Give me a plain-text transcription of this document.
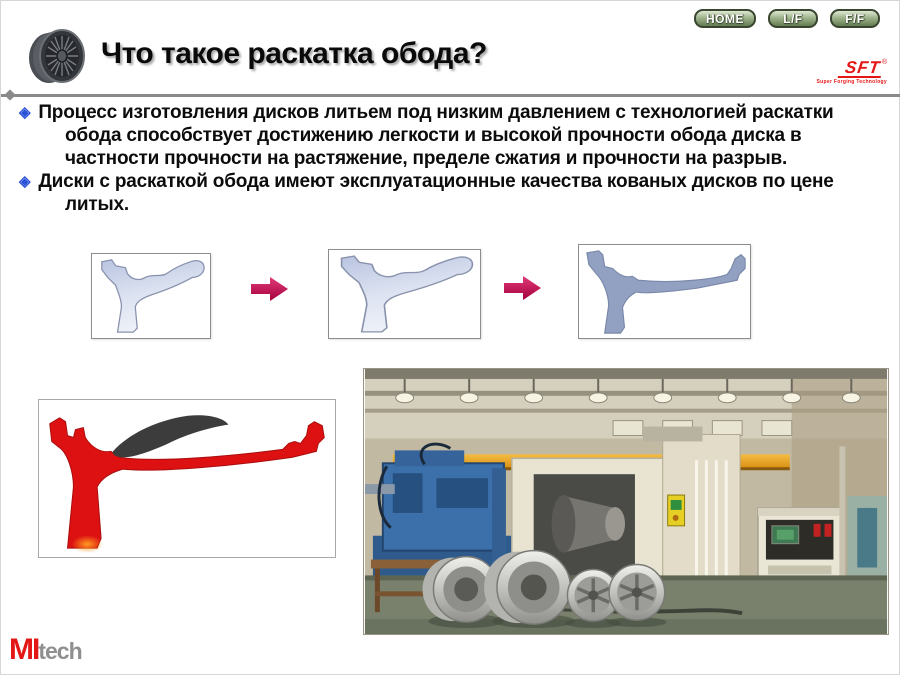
HOME	L/F	F/F
Что такое раскатка обода?	SFT®
Super Forging Technology
◈ Процесс изготовления дисков литьем под низким давлением с технологией раскатки обода способствует достижению легкости и высокой прочности обода диска в частности прочности на растяжение, пределе сжатия и прочности на разрыв.
◈ Диски с раскаткой обода имеют эксплуатационные качества кованых дисков по цене литых.
MItech
